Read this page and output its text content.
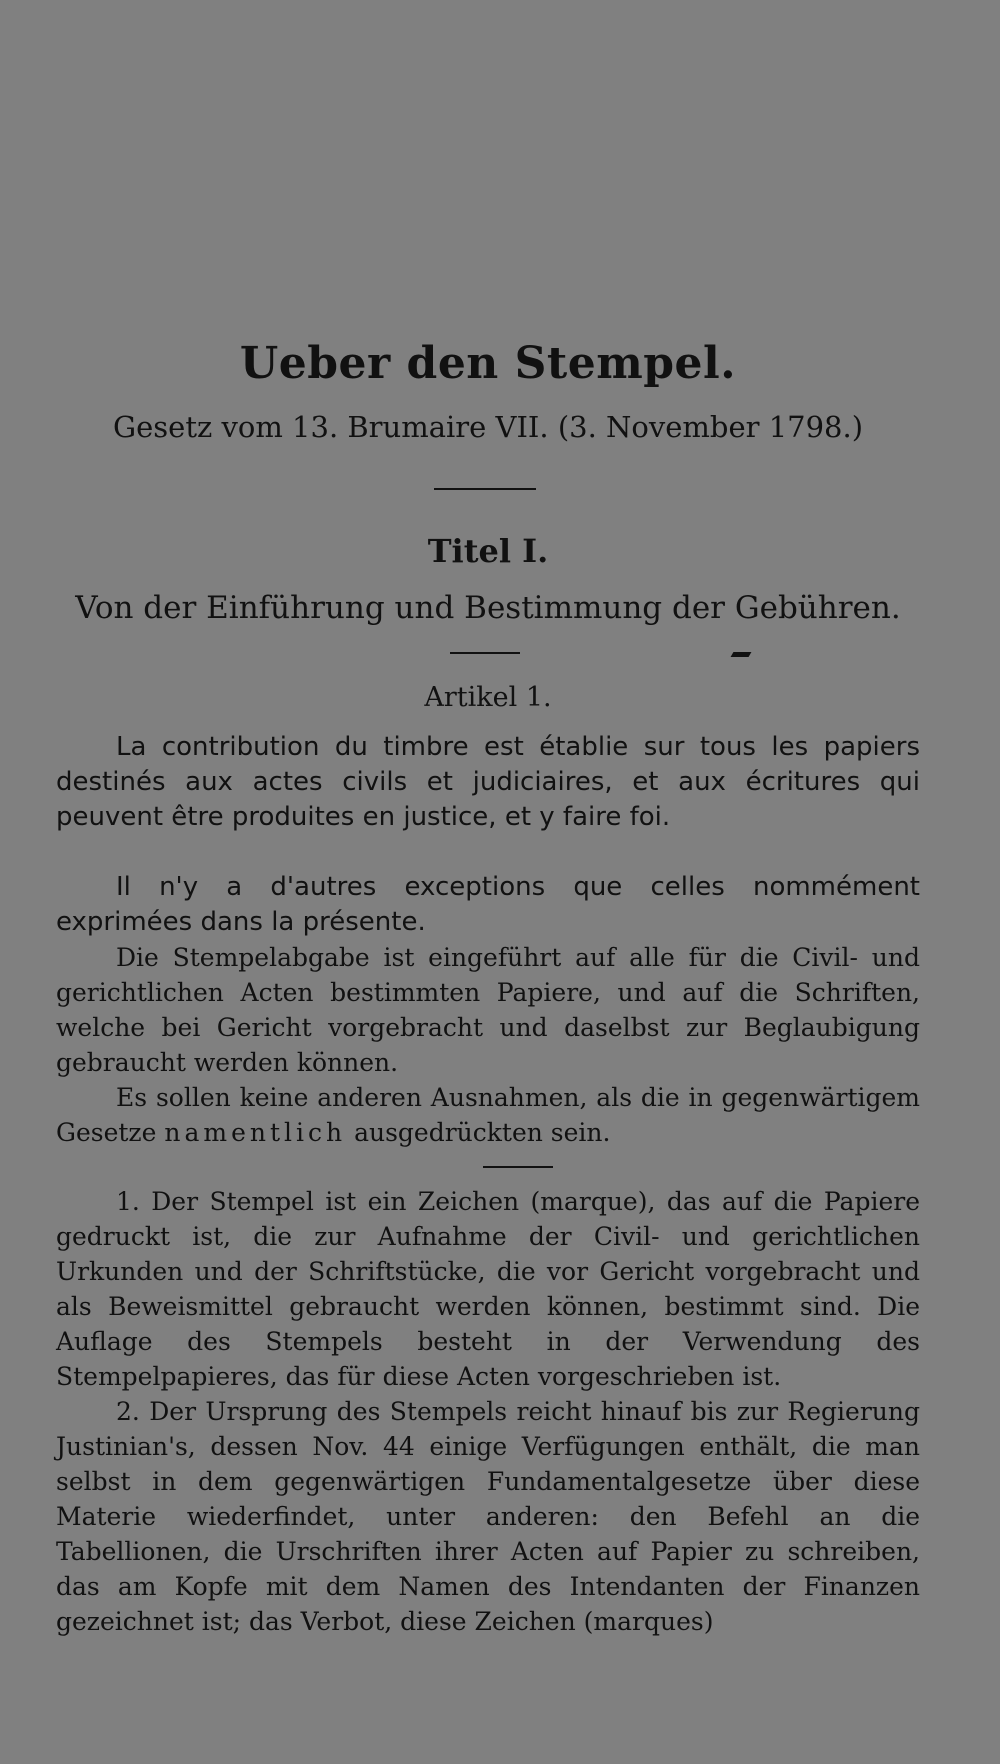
Ueber den Stempel.

Gesetz vom 13. Brumaire VII. (3. November 1798.)

Titel I.

Von der Einführung und Bestimmung der Gebühren.

Artikel 1.

La contribution du timbre est établie sur tous les papiers destinés aux actes civils et judiciaires, et aux écritures qui peuvent être produites en justice, et y faire foi.

Il n'y a d'autres exceptions que celles nommément exprimées dans la présente.

Die Stempelabgabe ist eingeführt auf alle für die Civil- und gerichtlichen Acten bestimmten Papiere, und auf die Schriften, welche bei Gericht vorgebracht und daselbst zur Beglaubigung gebraucht werden können.

Es sollen keine anderen Ausnahmen, als die in gegenwärtigem Gesetze namentlich ausgedrückten sein.

1. Der Stempel ist ein Zeichen (marque), das auf die Papiere gedruckt ist, die zur Aufnahme der Civil- und gerichtlichen Urkunden und der Schriftstücke, die vor Gericht vorgebracht und als Beweismittel gebraucht werden können, bestimmt sind. Die Auflage des Stempels besteht in der Verwendung des Stempelpapieres, das für diese Acten vorgeschrieben ist.

2. Der Ursprung des Stempels reicht hinauf bis zur Regierung Justinian's, dessen Nov. 44 einige Verfügungen enthält, die man selbst in dem gegenwärtigen Fundamentalgesetze über diese Materie wiederfindet, unter anderen: den Befehl an die Tabellionen, die Urschriften ihrer Acten auf Papier zu schreiben, das am Kopfe mit dem Namen des Intendanten der Finanzen gezeichnet ist; das Verbot, diese Zeichen (marques)
